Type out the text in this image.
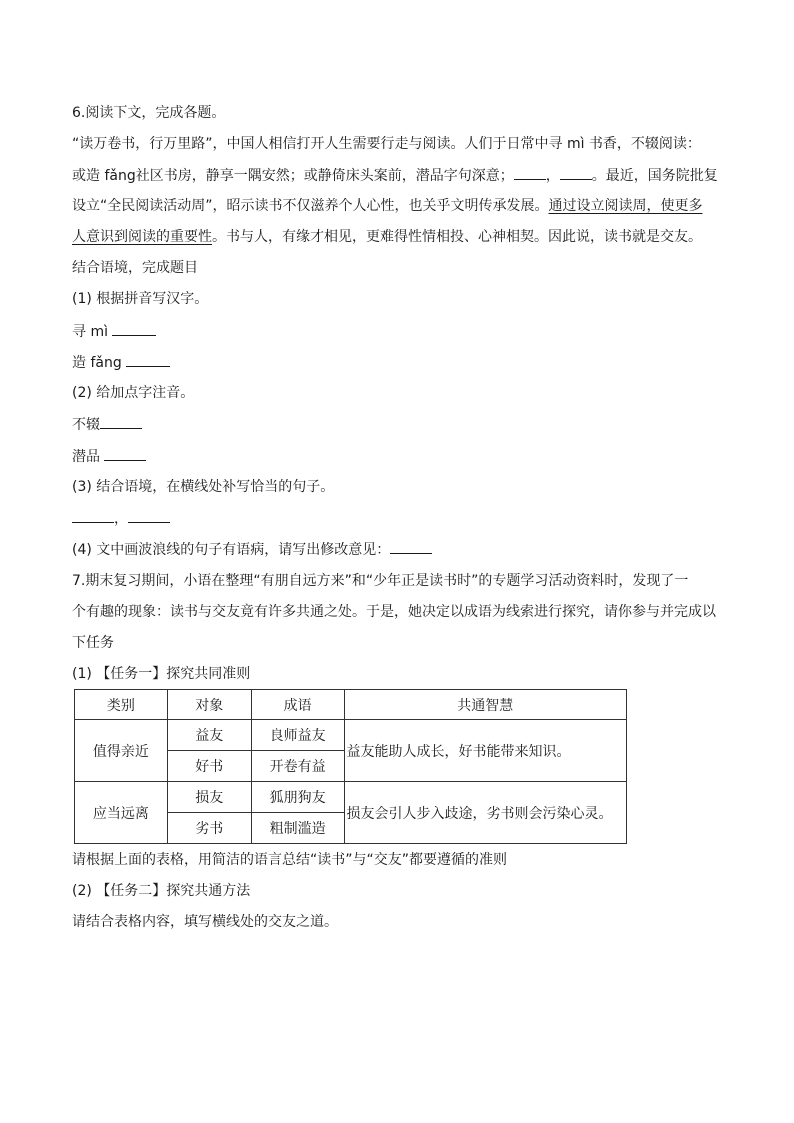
6.阅读下文，完成各题。
“读万卷书，行万里路”，中国人相信打开人生需要行走与阅读。人们于日常中寻 mì 书香，不辍阅读：
或造 fǎng社区书房，静享一隅安然；或静倚床头案前，潜品字句深意； ， 。最近，国务院批复
设立“全民阅读活动周”，昭示读书不仅滋养个人心性，也关乎文明传承发展。通过设立阅读周，使更多
人意识到阅读的重要性。书与人，有缘才相见，更难得性情相投、心神相契。因此说，读书就是交友。
结合语境，完成题目
(1) 根据拼音写汉字。
寻 mì
造 fǎng
(2) 给加点字注音。
不辍
潜品
(3) 结合语境，在横线处补写恰当的句子。
，
(4) 文中画波浪线的句子有语病，请写出修改意见：
7.期末复习期间，小语在整理“有朋自远方来”和“少年正是读书时”的专题学习活动资料时，发现了一
个有趣的现象：读书与交友竟有许多共通之处。于是，她决定以成语为线索进行探究，请你参与并完成以
下任务
(1) 【任务一】探究共同准则
类别	对象	成语	共通智慧
值得亲近	益友	良师益友	益友能助人成长，好书能带来知识。
	好书	开卷有益	
应当远离	损友	狐朋狗友	损友会引人步入歧途，劣书则会污染心灵。
	劣书	粗制滥造	
请根据上面的表格，用简洁的语言总结“读书”与“交友”都要遵循的准则
(2) 【任务二】探究共通方法
请结合表格内容，填写横线处的交友之道。
